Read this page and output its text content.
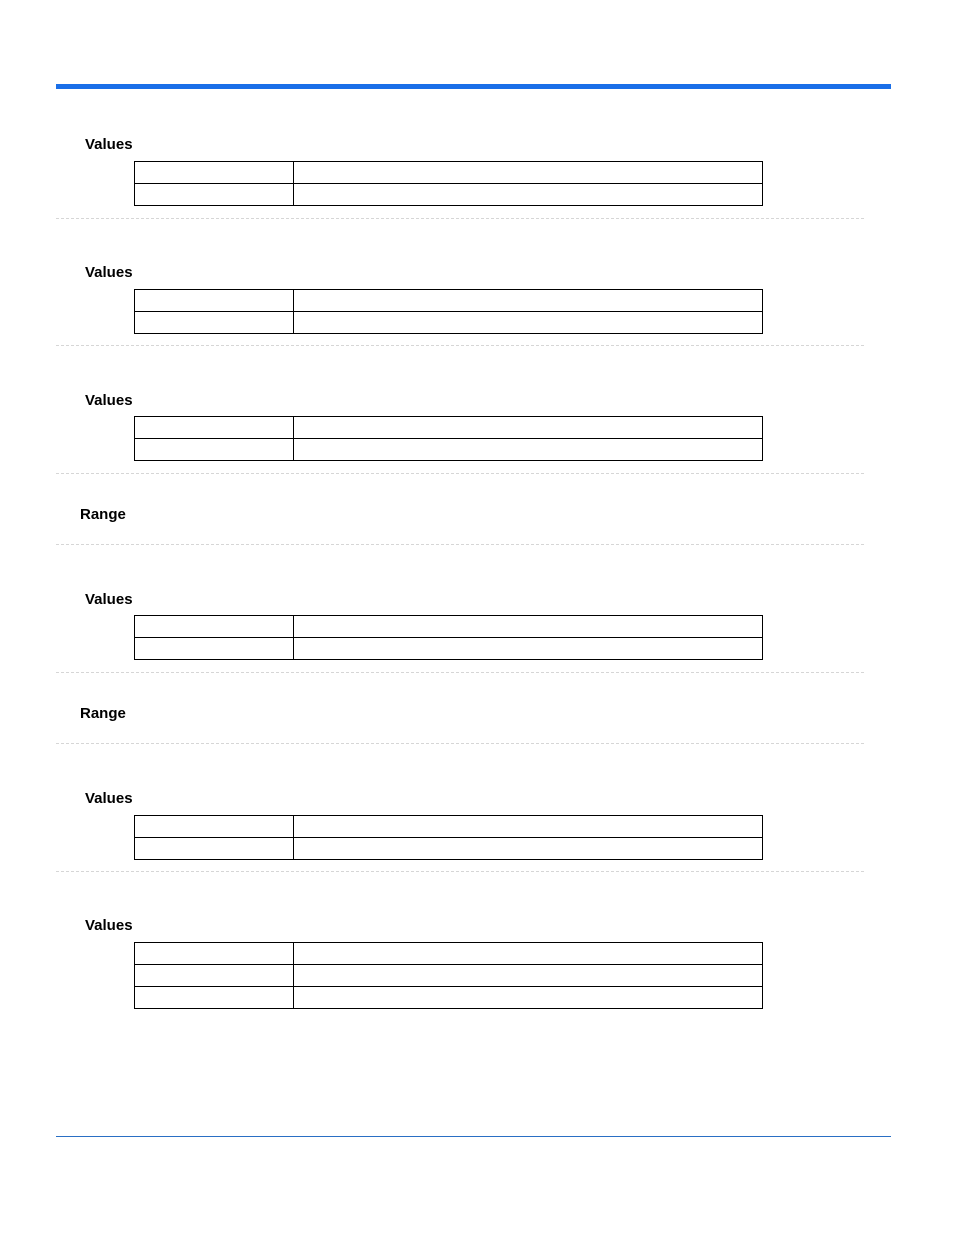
Values

Values

Values

Range
Values

Range
Values

Values
